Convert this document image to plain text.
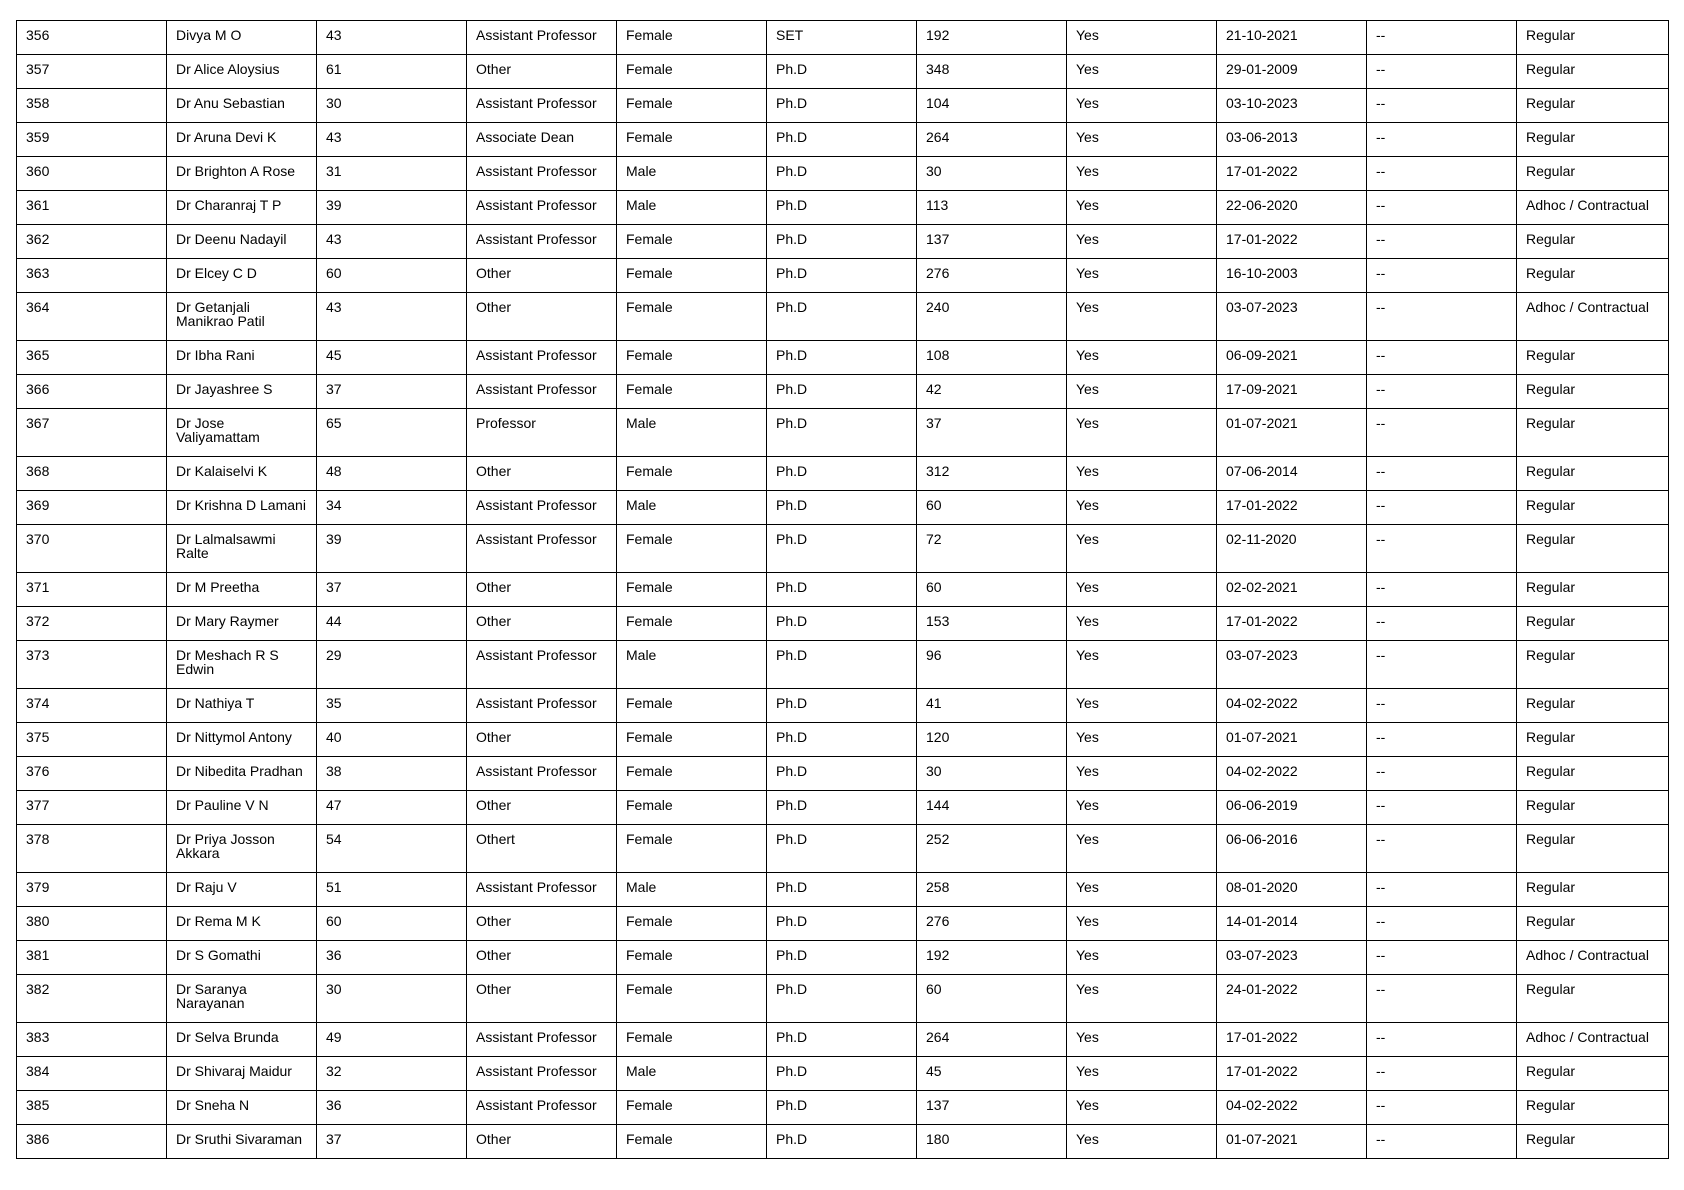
356	Divya M O	43	Assistant Professor	Female	SET	192	Yes	21-10-2021	--	Regular
357	Dr Alice Aloysius	61	Other	Female	Ph.D	348	Yes	29-01-2009	--	Regular
358	Dr Anu Sebastian	30	Assistant Professor	Female	Ph.D	104	Yes	03-10-2023	--	Regular
359	Dr Aruna Devi K	43	Associate Dean	Female	Ph.D	264	Yes	03-06-2013	--	Regular
360	Dr Brighton A Rose	31	Assistant Professor	Male	Ph.D	30	Yes	17-01-2022	--	Regular
361	Dr Charanraj T P	39	Assistant Professor	Male	Ph.D	113	Yes	22-06-2020	--	Adhoc / Contractual
362	Dr Deenu Nadayil	43	Assistant Professor	Female	Ph.D	137	Yes	17-01-2022	--	Regular
363	Dr Elcey C D	60	Other	Female	Ph.D	276	Yes	16-10-2003	--	Regular
364	Dr Getanjali Manikrao Patil	43	Other	Female	Ph.D	240	Yes	03-07-2023	--	Adhoc / Contractual
365	Dr Ibha Rani	45	Assistant Professor	Female	Ph.D	108	Yes	06-09-2021	--	Regular
366	Dr Jayashree S	37	Assistant Professor	Female	Ph.D	42	Yes	17-09-2021	--	Regular
367	Dr Jose Valiyamattam	65	Professor	Male	Ph.D	37	Yes	01-07-2021	--	Regular
368	Dr Kalaiselvi K	48	Other	Female	Ph.D	312	Yes	07-06-2014	--	Regular
369	Dr Krishna D Lamani	34	Assistant Professor	Male	Ph.D	60	Yes	17-01-2022	--	Regular
370	Dr Lalmalsawmi Ralte	39	Assistant Professor	Female	Ph.D	72	Yes	02-11-2020	--	Regular
371	Dr M Preetha	37	Other	Female	Ph.D	60	Yes	02-02-2021	--	Regular
372	Dr Mary Raymer	44	Other	Female	Ph.D	153	Yes	17-01-2022	--	Regular
373	Dr Meshach R S Edwin	29	Assistant Professor	Male	Ph.D	96	Yes	03-07-2023	--	Regular
374	Dr Nathiya T	35	Assistant Professor	Female	Ph.D	41	Yes	04-02-2022	--	Regular
375	Dr Nittymol Antony	40	Other	Female	Ph.D	120	Yes	01-07-2021	--	Regular
376	Dr Nibedita Pradhan	38	Assistant Professor	Female	Ph.D	30	Yes	04-02-2022	--	Regular
377	Dr Pauline V N	47	Other	Female	Ph.D	144	Yes	06-06-2019	--	Regular
378	Dr Priya Josson Akkara	54	Othert	Female	Ph.D	252	Yes	06-06-2016	--	Regular
379	Dr Raju V	51	Assistant Professor	Male	Ph.D	258	Yes	08-01-2020	--	Regular
380	Dr Rema M K	60	Other	Female	Ph.D	276	Yes	14-01-2014	--	Regular
381	Dr S Gomathi	36	Other	Female	Ph.D	192	Yes	03-07-2023	--	Adhoc / Contractual
382	Dr Saranya Narayanan	30	Other	Female	Ph.D	60	Yes	24-01-2022	--	Regular
383	Dr Selva Brunda	49	Assistant Professor	Female	Ph.D	264	Yes	17-01-2022	--	Adhoc / Contractual
384	Dr Shivaraj Maidur	32	Assistant Professor	Male	Ph.D	45	Yes	17-01-2022	--	Regular
385	Dr Sneha N	36	Assistant Professor	Female	Ph.D	137	Yes	04-02-2022	--	Regular
386	Dr Sruthi Sivaraman	37	Other	Female	Ph.D	180	Yes	01-07-2021	--	Regular
